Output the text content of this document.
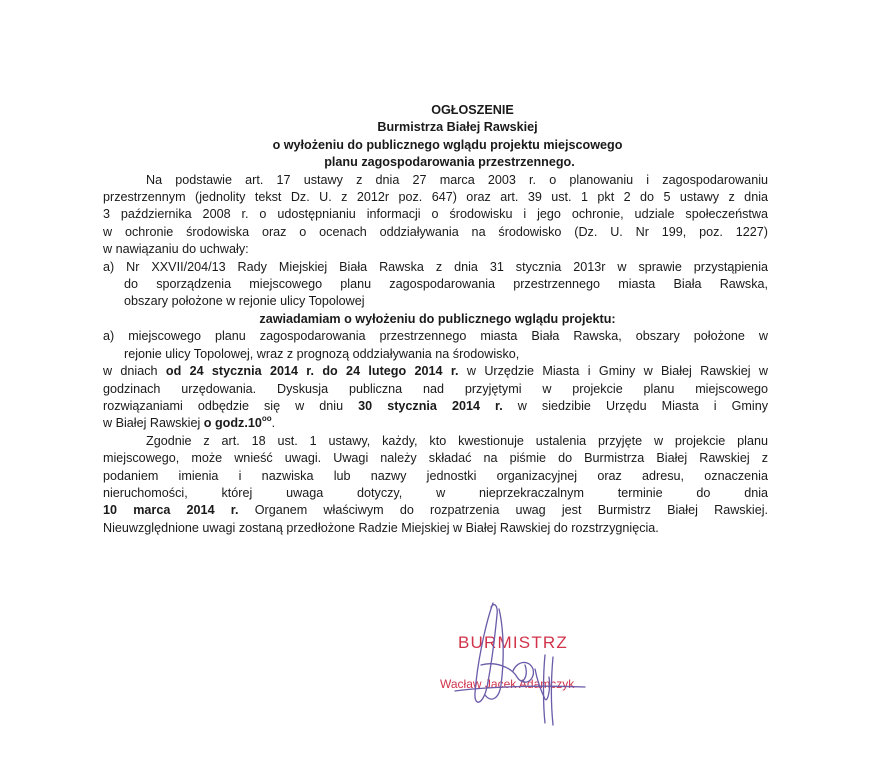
OGŁOSZENIE
Burmistrza Białej Rawskiej
o wyłożeniu do publicznego wglądu projektu miejscowego
planu zagospodarowania przestrzennego.
Na podstawie art. 17 ustawy z dnia 27 marca 2003 r. o planowaniu i zagospodarowaniu
przestrzennym (jednolity tekst Dz. U. z 2012r poz. 647) oraz art. 39 ust. 1 pkt 2 do 5 ustawy z dnia
3 października 2008 r. o udostępnianiu informacji o środowisku i jego ochronie, udziale społeczeństwa
w ochronie środowiska oraz o ocenach oddziaływania na środowisko (Dz. U. Nr 199, poz. 1227)
w nawiązaniu do uchwały:
a) Nr XXVII/204/13 Rady Miejskiej Biała Rawska z dnia 31 stycznia 2013r w sprawie przystąpienia
do sporządzenia miejscowego planu zagospodarowania przestrzennego miasta Biała Rawska,
obszary położone w rejonie ulicy Topolowej
zawiadamiam o wyłożeniu do publicznego wglądu projektu:
a) miejscowego planu zagospodarowania przestrzennego miasta Biała Rawska, obszary położone w
rejonie ulicy Topolowej, wraz z prognozą oddziaływania na środowisko,
w dniach od 24 stycznia 2014 r. do 24 lutego 2014 r. w Urzędzie Miasta i Gminy w Białej Rawskiej w
godzinach urzędowania. Dyskusja publiczna nad przyjętymi w projekcie planu miejscowego
rozwiązaniami odbędzie się w dniu 30 stycznia 2014 r. w siedzibie Urzędu Miasta i Gminy
w Białej Rawskiej o $godz.10^{oo}$.
Zgodnie z art. 18 ust. 1 ustawy, każdy, kto kwestionuje ustalenia przyjęte w projekcie planu
miejscowego, może wnieść uwagi. Uwagi należy składać na piśmie do Burmistrza Białej Rawskiej z
podaniem imienia i nazwiska lub nazwy jednostki organizacyjnej oraz adresu, oznaczenia
nieruchomości,        której        uwaga        dotyczy,        w        nieprzekraczalnym        terminie        do        dnia
10 marca 2014 r. Organem właściwym do rozpatrzenia uwag jest Burmistrz Białej Rawskiej.
Nieuwzględnione uwagi zostaną przedłożone Radzie Miejskiej w Białej Rawskiej do rozstrzygnięcia.
BURMISTRZ
Wacław Jacek Adamczyk
